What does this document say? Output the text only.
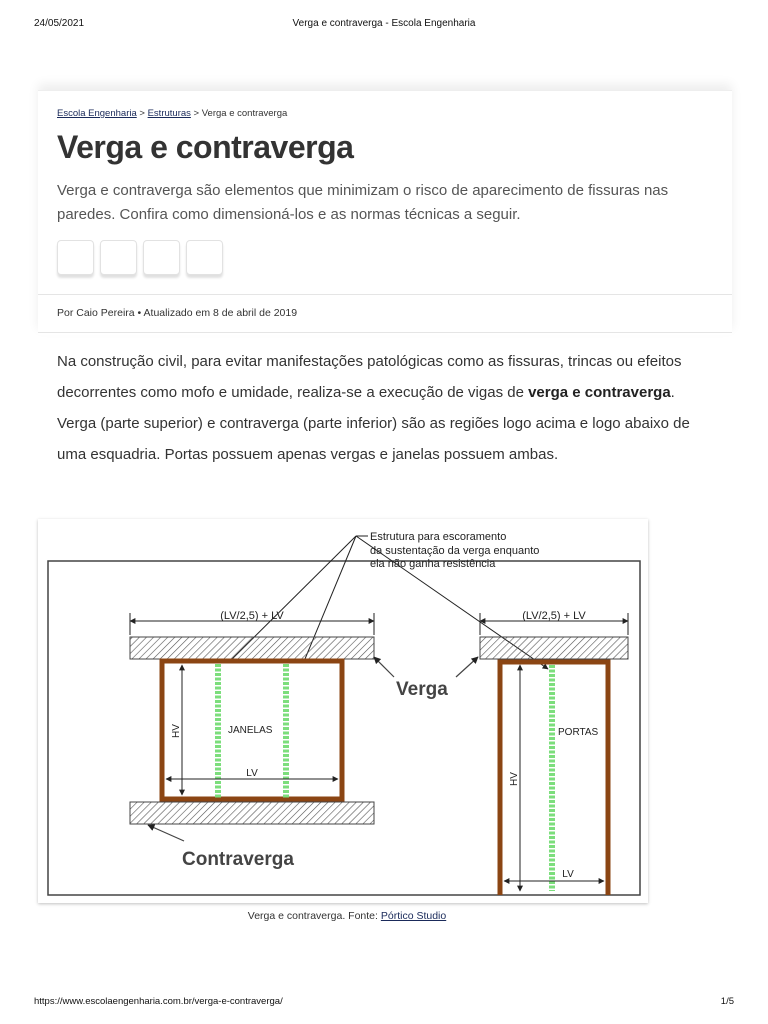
24/05/2021	Verga e contraverga - Escola Engenharia
Escola Engenharia > Estruturas > Verga e contraverga
Verga e contraverga

Verga e contraverga são elementos que minimizam o risco de aparecimento de fissuras nas paredes. Confira como dimensioná-los e as normas técnicas a seguir.

Por Caio Pereira • Atualizado em 8 de abril de 2019

Na construção civil, para evitar manifestações patológicas como as fissuras, trincas ou efeitos decorrentes como mofo e umidade, realiza-se a execução de vigas de verga e contraverga. Verga (parte superior) e contraverga (parte inferior) são as regiões logo acima e logo abaixo de uma esquadria. Portas possuem apenas vergas e janelas possuem ambas.

Estrutura para escoramento
da sustentação da verga enquanto
ela não ganha resistência
(LV/2,5) + LV
HV	JANELAS
LV
Verga
Contraverga
(LV/2,5) + LV
HV
PORTAS
LV
Verga e contraverga. Fonte: Pórtico Studio
https://www.escolaengenharia.com.br/verga-e-contraverga/	1/5
